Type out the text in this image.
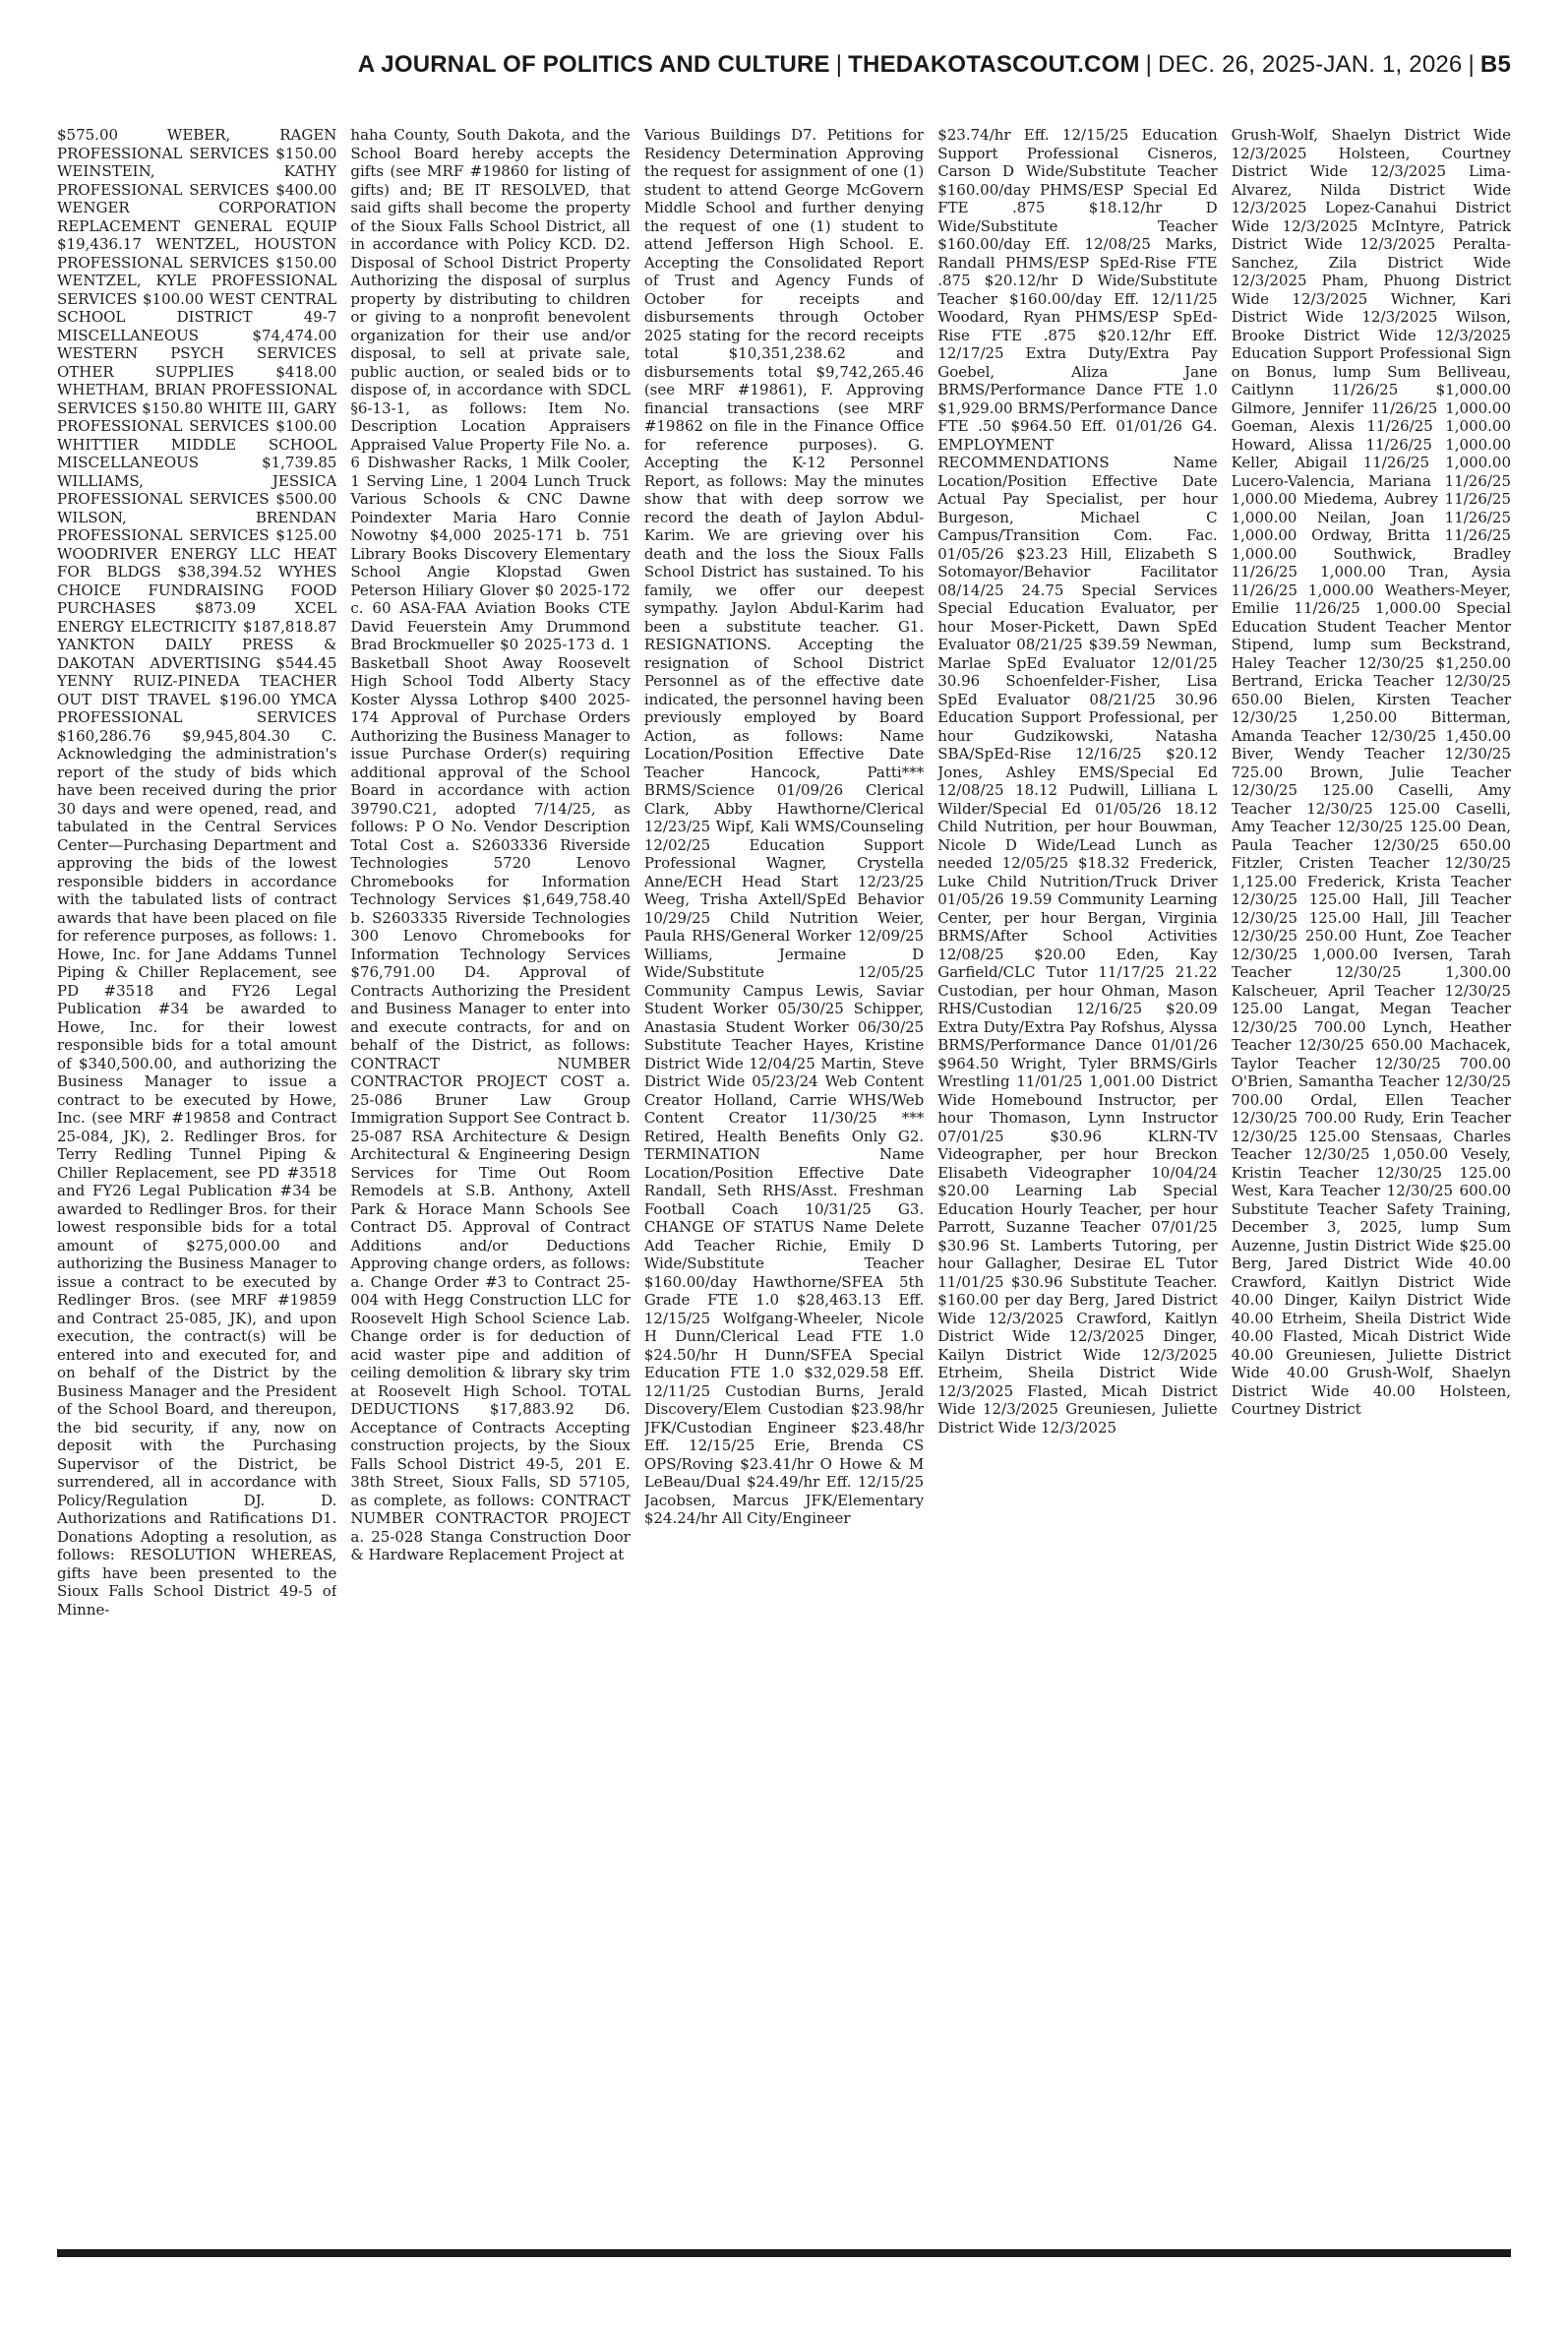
A JOURNAL OF POLITICS AND CULTURE | THEDAKOTASCOUT.COM | DEC. 26, 2025-JAN. 1, 2026 | B5

$575.00 WEBER, RAGEN PROFESSIONAL SERVICES $150.00 WEINSTEIN, KATHY PROFESSIONAL SERVICES $400.00 WENGER CORPORATION REPLACEMENT GENERAL EQUIP $19,436.17 WENTZEL, HOUSTON PROFESSIONAL SERVICES $150.00 WENTZEL, KYLE PROFESSIONAL SERVICES $100.00 WEST CENTRAL SCHOOL DISTRICT 49-7 MISCELLANEOUS $74,474.00 WESTERN PSYCH SERVICES OTHER SUPPLIES $418.00 WHETHAM, BRIAN PROFESSIONAL SERVICES $150.80 WHITE III, GARY PROFESSIONAL SERVICES $100.00 WHITTIER MIDDLE SCHOOL MISCELLANEOUS $1,739.85 WILLIAMS, JESSICA PROFESSIONAL SERVICES $500.00 WILSON, BRENDAN PROFESSIONAL SERVICES $125.00 WOODRIVER ENERGY LLC HEAT FOR BLDGS $38,394.52 WYHES CHOICE FUNDRAISING FOOD PURCHASES $873.09 XCEL ENERGY ELECTRICITY $187,818.87 YANKTON DAILY PRESS & DAKOTAN ADVERTISING $544.45 YENNY RUIZ-PINEDA TEACHER OUT DIST TRAVEL $196.00 YMCA PROFESSIONAL SERVICES $160,286.76 $9,945,804.30 C. Acknowledging the administration's report of the study of bids which have been received during the prior 30 days and were opened, read, and tabulated in the Central Services Center—Purchasing Department and approving the bids of the lowest responsible bidders in accordance with the tabulated lists of contract awards that have been placed on file for reference purposes, as follows: 1. Howe, Inc. for Jane Addams Tunnel Piping & Chiller Replacement, see PD #3518 and FY26 Legal Publication #34 be awarded to Howe, Inc. for their lowest responsible bids for a total amount of $340,500.00, and authorizing the Business Manager to issue a contract to be executed by Howe, Inc. (see MRF #19858 and Contract 25-084, JK), 2. Redlinger Bros. for Terry Redling Tunnel Piping & Chiller Replacement, see PD #3518 and FY26 Legal Publication #34 be awarded to Redlinger Bros. for their lowest responsible bids for a total amount of $275,000.00 and authorizing the Business Manager to issue a contract to be executed by Redlinger Bros. (see MRF #19859 and Contract 25-085, JK), and upon execution, the contract(s) will be entered into and executed for, and on behalf of the District by the Business Manager and the President of the School Board, and thereupon, the bid security, if any, now on deposit with the Purchasing Supervisor of the District, be surrendered, all in accordance with Policy/Regulation DJ. D. Authorizations and Ratifications D1. Donations Adopting a resolution, as follows: RESOLUTION WHEREAS, gifts have been presented to the Sioux Falls School District 49-5 of Minne-

haha County, South Dakota, and the School Board hereby accepts the gifts (see MRF #19860 for listing of gifts) and; BE IT RESOLVED, that said gifts shall become the property of the Sioux Falls School District, all in accordance with Policy KCD. D2. Disposal of School District Property Authorizing the disposal of surplus property by distributing to children or giving to a nonprofit benevolent organization for their use and/or disposal, to sell at private sale, public auction, or sealed bids or to dispose of, in accordance with SDCL §6-13-1, as follows: Item No. Description Location Appraisers Appraised Value Property File No. a. 6 Dishwasher Racks, 1 Milk Cooler, 1 Serving Line, 1 2004 Lunch Truck Various Schools & CNC Dawne Poindexter Maria Haro Connie Nowotny $4,000 2025-171 b. 751 Library Books Discovery Elementary School Angie Klopstad Gwen Peterson Hiliary Glover $0 2025-172 c. 60 ASA-FAA Aviation Books CTE David Feuerstein Amy Drummond Brad Brockmueller $0 2025-173 d. 1 Basketball Shoot Away Roosevelt High School Todd Alberty Stacy Koster Alyssa Lothrop $400 2025-174 Approval of Purchase Orders Authorizing the Business Manager to issue Purchase Order(s) requiring additional approval of the School Board in accordance with action 39790.C21, adopted 7/14/25, as follows: P O No. Vendor Description Total Cost a. S2603336 Riverside Technologies 5720 Lenovo Chromebooks for Information Technology Services $1,649,758.40 b. S2603335 Riverside Technologies 300 Lenovo Chromebooks for Information Technology Services $76,791.00 D4. Approval of Contracts Authorizing the President and Business Manager to enter into and execute contracts, for and on behalf of the District, as follows: CONTRACT NUMBER CONTRACTOR PROJECT COST a. 25-086 Bruner Law Group Immigration Support See Contract b. 25-087 RSA Architecture & Design Architectural & Engineering Design Services for Time Out Room Remodels at S.B. Anthony, Axtell Park & Horace Mann Schools See Contract D5. Approval of Contract Additions and/or Deductions Approving change orders, as follows: a. Change Order #3 to Contract 25-004 with Hegg Construction LLC for Roosevelt High School Science Lab. Change order is for deduction of acid waster pipe and addition of ceiling demolition & library sky trim at Roosevelt High School. TOTAL DEDUCTIONS $17,883.92 D6. Acceptance of Contracts Accepting construction projects, by the Sioux Falls School District 49-5, 201 E. 38th Street, Sioux Falls, SD 57105, as complete, as follows: CONTRACT NUMBER CONTRACTOR PROJECT a. 25-028 Stanga Construction Door & Hardware Replacement Project at

Various Buildings D7. Petitions for Residency Determination Approving the request for assignment of one (1) student to attend George McGovern Middle School and further denying the request of one (1) student to attend Jefferson High School. E. Accepting the Consolidated Report of Trust and Agency Funds of October for receipts and disbursements through October 2025 stating for the record receipts total $10,351,238.62 and disbursements total $9,742,265.46 (see MRF #19861), F. Approving financial transactions (see MRF #19862 on file in the Finance Office for reference purposes). G. Accepting the K-12 Personnel Report, as follows: May the minutes show that with deep sorrow we record the death of Jaylon Abdul-Karim. We are grieving over his death and the loss the Sioux Falls School District has sustained. To his family, we offer our deepest sympathy. Jaylon Abdul-Karim had been a substitute teacher. G1. RESIGNATIONS. Accepting the resignation of School District Personnel as of the effective date indicated, the personnel having been previously employed by Board Action, as follows: Name Location/Position Effective Date Teacher Hancock, Patti*** BRMS/Science 01/09/26 Clerical Clark, Abby Hawthorne/Clerical 12/23/25 Wipf, Kali WMS/Counseling 12/02/25 Education Support Professional Wagner, Crystella Anne/ECH Head Start 12/23/25 Weeg, Trisha Axtell/SpEd Behavior 10/29/25 Child Nutrition Weier, Paula RHS/General Worker 12/09/25 Williams, Jermaine D Wide/Substitute 12/05/25 Community Campus Lewis, Saviar Student Worker 05/30/25 Schipper, Anastasia Student Worker 06/30/25 Substitute Teacher Hayes, Kristine District Wide 12/04/25 Martin, Steve District Wide 05/23/24 Web Content Creator Holland, Carrie WHS/Web Content Creator 11/30/25 *** Retired, Health Benefits Only G2. TERMINATION Name Location/Position Effective Date Randall, Seth RHS/Asst. Freshman Football Coach 10/31/25 G3. CHANGE OF STATUS Name Delete Add Teacher Richie, Emily D Wide/Substitute Teacher $160.00/day Hawthorne/SFEA 5th Grade FTE 1.0 $28,463.13 Eff. 12/15/25 Wolfgang-Wheeler, Nicole H Dunn/Clerical Lead FTE 1.0 $24.50/hr H Dunn/SFEA Special Education FTE 1.0 $32,029.58 Eff. 12/11/25 Custodian Burns, Jerald Discovery/Elem Custodian $23.98/hr JFK/Custodian Engineer $23.48/hr Eff. 12/15/25 Erie, Brenda CS OPS/Roving $23.41/hr O Howe & M LeBeau/Dual $24.49/hr Eff. 12/15/25 Jacobsen, Marcus JFK/Elementary $24.24/hr All City/Engineer

$23.74/hr Eff. 12/15/25 Education Support Professional Cisneros, Carson D Wide/Substitute Teacher $160.00/day PHMS/ESP Special Ed FTE .875 $18.12/hr D Wide/Substitute Teacher $160.00/day Eff. 12/08/25 Marks, Randall PHMS/ESP SpEd-Rise FTE .875 $20.12/hr D Wide/Substitute Teacher $160.00/day Eff. 12/11/25 Woodard, Ryan PHMS/ESP SpEd-Rise FTE .875 $20.12/hr Eff. 12/17/25 Extra Duty/Extra Pay Goebel, Aliza Jane BRMS/Performance Dance FTE 1.0 $1,929.00 BRMS/Performance Dance FTE .50 $964.50 Eff. 01/01/26 G4. EMPLOYMENT RECOMMENDATIONS Name Location/Position Effective Date Actual Pay Specialist, per hour Burgeson, Michael C Campus/Transition Com. Fac. 01/05/26 $23.23 Hill, Elizabeth S Sotomayor/Behavior Facilitator 08/14/25 24.75 Special Services Special Education Evaluator, per hour Moser-Pickett, Dawn SpEd Evaluator 08/21/25 $39.59 Newman, Marlae SpEd Evaluator 12/01/25 30.96 Schoenfelder-Fisher, Lisa SpEd Evaluator 08/21/25 30.96 Education Support Professional, per hour Gudzikowski, Natasha SBA/SpEd-Rise 12/16/25 $20.12 Jones, Ashley EMS/Special Ed 12/08/25 18.12 Pudwill, Lilliana L Wilder/Special Ed 01/05/26 18.12 Child Nutrition, per hour Bouwman, Nicole D Wide/Lead Lunch as needed 12/05/25 $18.32 Frederick, Luke Child Nutrition/Truck Driver 01/05/26 19.59 Community Learning Center, per hour Bergan, Virginia BRMS/After School Activities 12/08/25 $20.00 Eden, Kay Garfield/CLC Tutor 11/17/25 21.22 Custodian, per hour Ohman, Mason RHS/Custodian 12/16/25 $20.09 Extra Duty/Extra Pay Rofshus, Alyssa BRMS/Performance Dance 01/01/26 $964.50 Wright, Tyler BRMS/Girls Wrestling 11/01/25 1,001.00 District Wide Homebound Instructor, per hour Thomason, Lynn Instructor 07/01/25 $30.96 KLRN-TV Videographer, per hour Breckon Elisabeth Videographer 10/04/24 $20.00 Learning Lab Special Education Hourly Teacher, per hour Parrott, Suzanne Teacher 07/01/25 $30.96 St. Lamberts Tutoring, per hour Gallagher, Desirae EL Tutor 11/01/25 $30.96 Substitute Teacher. $160.00 per day Berg, Jared District Wide 12/3/2025 Crawford, Kaitlyn District Wide 12/3/2025 Dinger, Kailyn District Wide 12/3/2025 Etrheim, Sheila District Wide 12/3/2025 Flasted, Micah District Wide 12/3/2025 Greuniesen, Juliette District Wide 12/3/2025

Grush-Wolf, Shaelyn District Wide 12/3/2025 Holsteen, Courtney District Wide 12/3/2025 Lima-Alvarez, Nilda District Wide 12/3/2025 Lopez-Canahui District Wide 12/3/2025 McIntyre, Patrick District Wide 12/3/2025 Peralta-Sanchez, Zila District Wide 12/3/2025 Pham, Phuong District Wide 12/3/2025 Wichner, Kari District Wide 12/3/2025 Wilson, Brooke District Wide 12/3/2025 Education Support Professional Sign on Bonus, lump Sum Belliveau, Caitlynn 11/26/25 $1,000.00 Gilmore, Jennifer 11/26/25 1,000.00 Goeman, Alexis 11/26/25 1,000.00 Howard, Alissa 11/26/25 1,000.00 Keller, Abigail 11/26/25 1,000.00 Lucero-Valencia, Mariana 11/26/25 1,000.00 Miedema, Aubrey 11/26/25 1,000.00 Neilan, Joan 11/26/25 1,000.00 Ordway, Britta 11/26/25 1,000.00 Southwick, Bradley 11/26/25 1,000.00 Tran, Aysia 11/26/25 1,000.00 Weathers-Meyer, Emilie 11/26/25 1,000.00 Special Education Student Teacher Mentor Stipend, lump sum Beckstrand, Haley Teacher 12/30/25 $1,250.00 Bertrand, Ericka Teacher 12/30/25 650.00 Bielen, Kirsten Teacher 12/30/25 1,250.00 Bitterman, Amanda Teacher 12/30/25 1,450.00 Biver, Wendy Teacher 12/30/25 725.00 Brown, Julie Teacher 12/30/25 125.00 Caselli, Amy Teacher 12/30/25 125.00 Caselli, Amy Teacher 12/30/25 125.00 Dean, Paula Teacher 12/30/25 650.00 Fitzler, Cristen Teacher 12/30/25 1,125.00 Frederick, Krista Teacher 12/30/25 125.00 Hall, Jill Teacher 12/30/25 125.00 Hall, Jill Teacher 12/30/25 250.00 Hunt, Zoe Teacher 12/30/25 1,000.00 Iversen, Tarah Teacher 12/30/25 1,300.00 Kalscheuer, April Teacher 12/30/25 125.00 Langat, Megan Teacher 12/30/25 700.00 Lynch, Heather Teacher 12/30/25 650.00 Machacek, Taylor Teacher 12/30/25 700.00 O'Brien, Samantha Teacher 12/30/25 700.00 Ordal, Ellen Teacher 12/30/25 700.00 Rudy, Erin Teacher 12/30/25 125.00 Stensaas, Charles Teacher 12/30/25 1,050.00 Vesely, Kristin Teacher 12/30/25 125.00 West, Kara Teacher 12/30/25 600.00 Substitute Teacher Safety Training, December 3, 2025, lump Sum Auzenne, Justin District Wide $25.00 Berg, Jared District Wide 40.00 Crawford, Kaitlyn District Wide 40.00 Dinger, Kailyn District Wide 40.00 Etrheim, Sheila District Wide 40.00 Flasted, Micah District Wide 40.00 Greuniesen, Juliette District Wide 40.00 Grush-Wolf, Shaelyn District Wide 40.00 Holsteen, Courtney District
